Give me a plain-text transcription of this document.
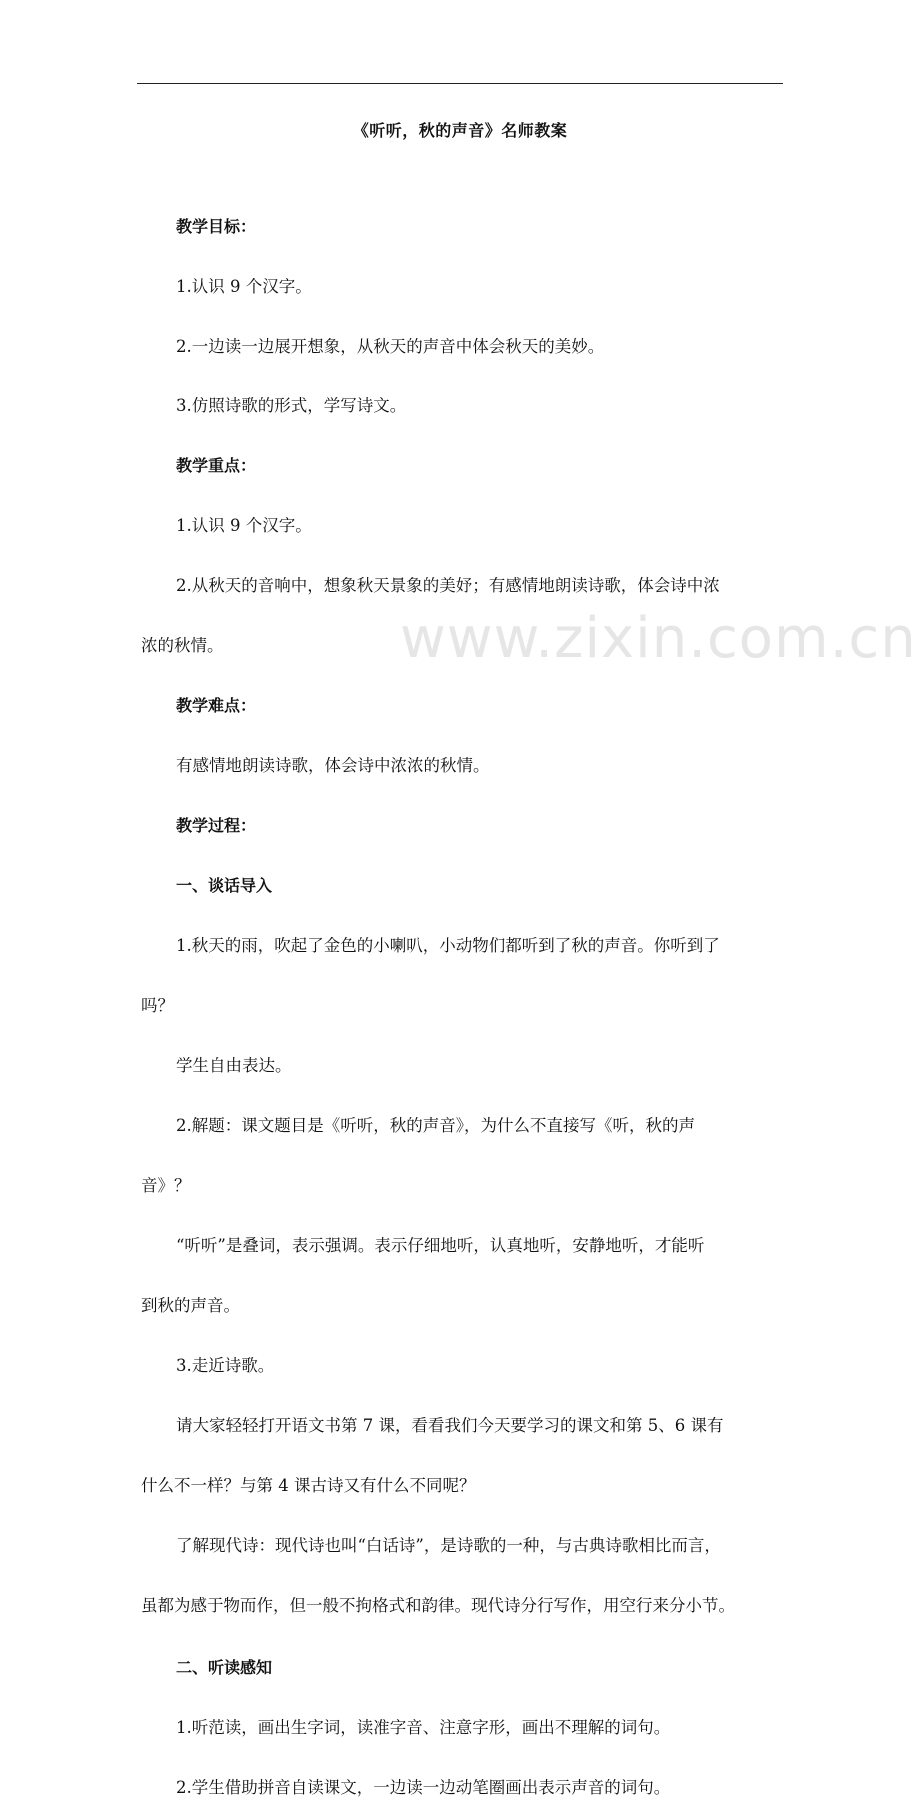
www.zixin.com.cn
《听听，秋的声音》名师教案
教学目标：
1.认识 9 个汉字。
2.一边读一边展开想象，从秋天的声音中体会秋天的美妙。
3.仿照诗歌的形式，学写诗文。
教学重点：
1.认识 9 个汉字。
2.从秋天的音响中，想象秋天景象的美妤；有感情地朗读诗歌，体会诗中浓
浓的秋情。
教学难点：
有感情地朗读诗歌，体会诗中浓浓的秋情。
教学过程：
一、谈话导入
1.秋天的雨，吹起了金色的小喇叭，小动物们都听到了秋的声音。你听到了
吗？
学生自由表达。
2.解题：课文题目是《听听，秋的声音》，为什么不直接写《听，秋的声
音》？
“听听”是叠词，表示强调。表示仔细地听，认真地听，安静地听，才能听
到秋的声音。
3.走近诗歌。
请大家轻轻打开语文书第 7 课，看看我们今天要学习的课文和第 5、6 课有
什么不一样？与第 4 课古诗又有什么不同呢？
了解现代诗：现代诗也叫“白话诗”，是诗歌的一种，与古典诗歌相比而言，
虽都为感于物而作，但一般不拘格式和韵律。现代诗分行写作，用空行来分小节。
二、听读感知
1.听范读，画出生字词，读准字音、注意字形，画出不理解的词句。
2.学生借助拼音自读课文，一边读一边动笔圈画出表示声音的词句。
